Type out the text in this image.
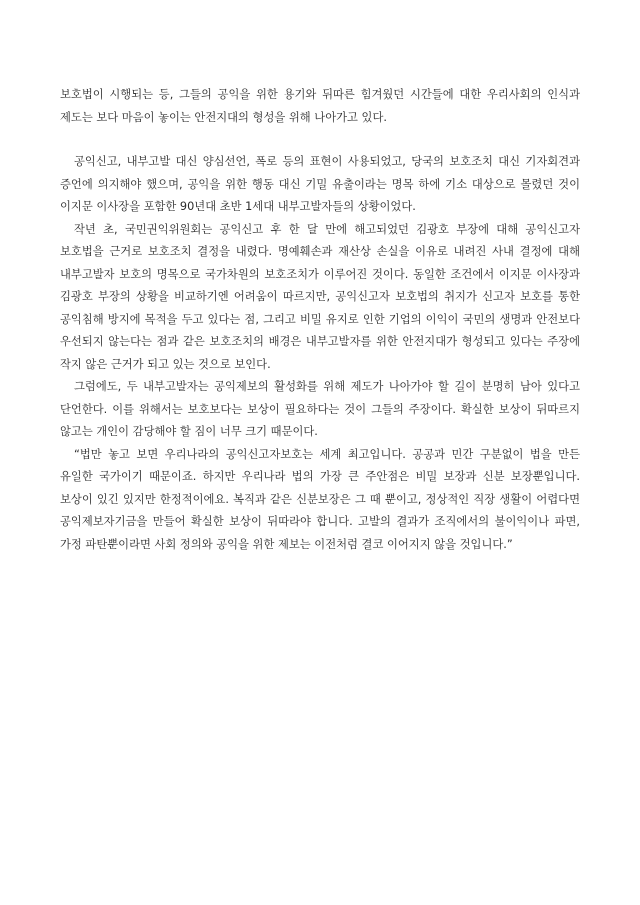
보호법이 시행되는 등, 그들의 공익을 위한 용기와 뒤따른 힘겨웠던 시간들에 대한 우리사회의 인식과 제도는 보다 마음이 놓이는 안전지대의 형성을 위해 나아가고 있다.

공익신고, 내부고발 대신 양심선언, 폭로 등의 표현이 사용되었고, 당국의 보호조치 대신 기자회견과 증언에 의지해야 했으며, 공익을 위한 행동 대신 기밀 유출이라는 명목 하에 기소 대상으로 몰렸던 것이 이지문 이사장을 포함한 90년대 초반 1세대 내부고발자들의 상황이었다.

작년 초, 국민권익위원회는 공익신고 후 한 달 만에 해고되었던 김광호 부장에 대해 공익신고자 보호법을 근거로 보호조치 결정을 내렸다. 명예훼손과 재산상 손실을 이유로 내려진 사내 결정에 대해 내부고발자 보호의 명목으로 국가차원의 보호조치가 이루어진 것이다. 동일한 조건에서 이지문 이사장과 김광호 부장의 상황을 비교하기엔 어려움이 따르지만, 공익신고자 보호법의 취지가 신고자 보호를 통한 공익침해 방지에 목적을 두고 있다는 점, 그리고 비밀 유지로 인한 기업의 이익이 국민의 생명과 안전보다 우선되지 않는다는 점과 같은 보호조치의 배경은 내부고발자를 위한 안전지대가 형성되고 있다는 주장에 작지 않은 근거가 되고 있는 것으로 보인다.

그럼에도, 두 내부고발자는 공익제보의 활성화를 위해 제도가 나아가야 할 길이 분명히 남아 있다고 단언한다. 이를 위해서는 보호보다는 보상이 필요하다는 것이 그들의 주장이다. 확실한 보상이 뒤따르지 않고는 개인이 감당해야 할 짐이 너무 크기 때문이다.

“법만 놓고 보면 우리나라의 공익신고자보호는 세계 최고입니다. 공공과 민간 구분없이 법을 만든 유일한 국가이기 때문이죠. 하지만 우리나라 법의 가장 큰 주안점은 비밀 보장과 신분 보장뿐입니다. 보상이 있긴 있지만 한정적이에요. 복직과 같은 신분보장은 그 때 뿐이고, 정상적인 직장 생활이 어렵다면 공익제보자기금을 만들어 확실한 보상이 뒤따라야 합니다. 고발의 결과가 조직에서의 불이익이나 파면, 가정 파탄뿐이라면 사회 정의와 공익을 위한 제보는 이전처럼 결코 이어지지 않을 것입니다.”
